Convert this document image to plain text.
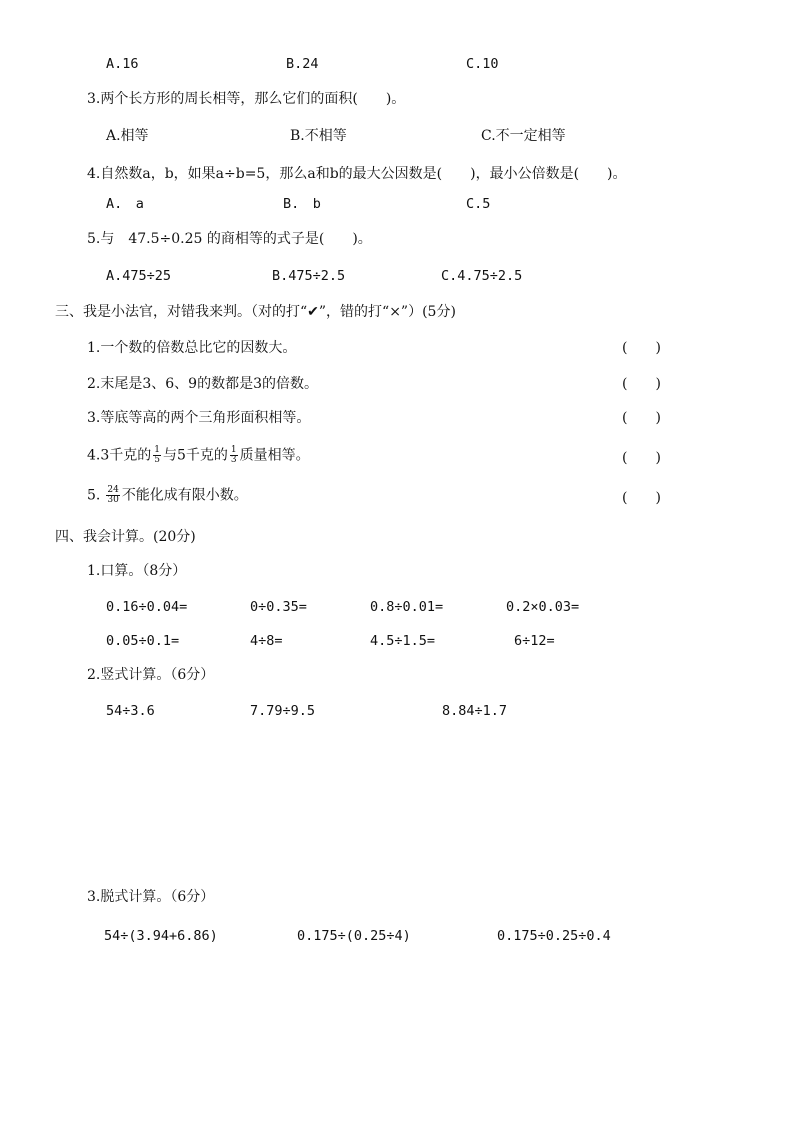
A.16	B.24	C.10
3.两个长方形的周长相等，那么它们的面积(　　)。
A.相等	B.不相等	C.不一定相等
4.自然数a，b，如果a÷b=5，那么a和b的最大公因数是(　　)，最小公倍数是(　　)。
A.　a	B.　b	C.5
5.与　47.5÷0.25 的商相等的式子是(　　)。
A.475÷25	B.475÷2.5	C.4.75÷2.5
三、我是小法官，对错我来判。（对的打“✔”，错的打“×”）(5分)
1.一个数的倍数总比它的因数大。	(　　)
2.末尾是3、6、9的数都是3的倍数。	(　　)
3.等底等高的两个三角形面积相等。	(　　)
4.3千克的 $\frac{1}{5}$ 与5千克的 $\frac{1}{3}$ 质量相等。	(　　)
5. $\frac{24}{30}$ 不能化成有限小数。	(　　)
四、我会计算。(20分)
1.口算。（8分）
0.16÷0.04=	0÷0.35=	0.8÷0.01=	0.2×0.03=
0.05÷0.1=	4÷8=	4.5÷1.5=	6÷12=
2.竖式计算。（6分）
54÷3.6	7.79÷9.5	8.84÷1.7
3.脱式计算。（6分）
54÷(3.94+6.86)	0.175÷(0.25÷4)	0.175÷0.25÷0.4
